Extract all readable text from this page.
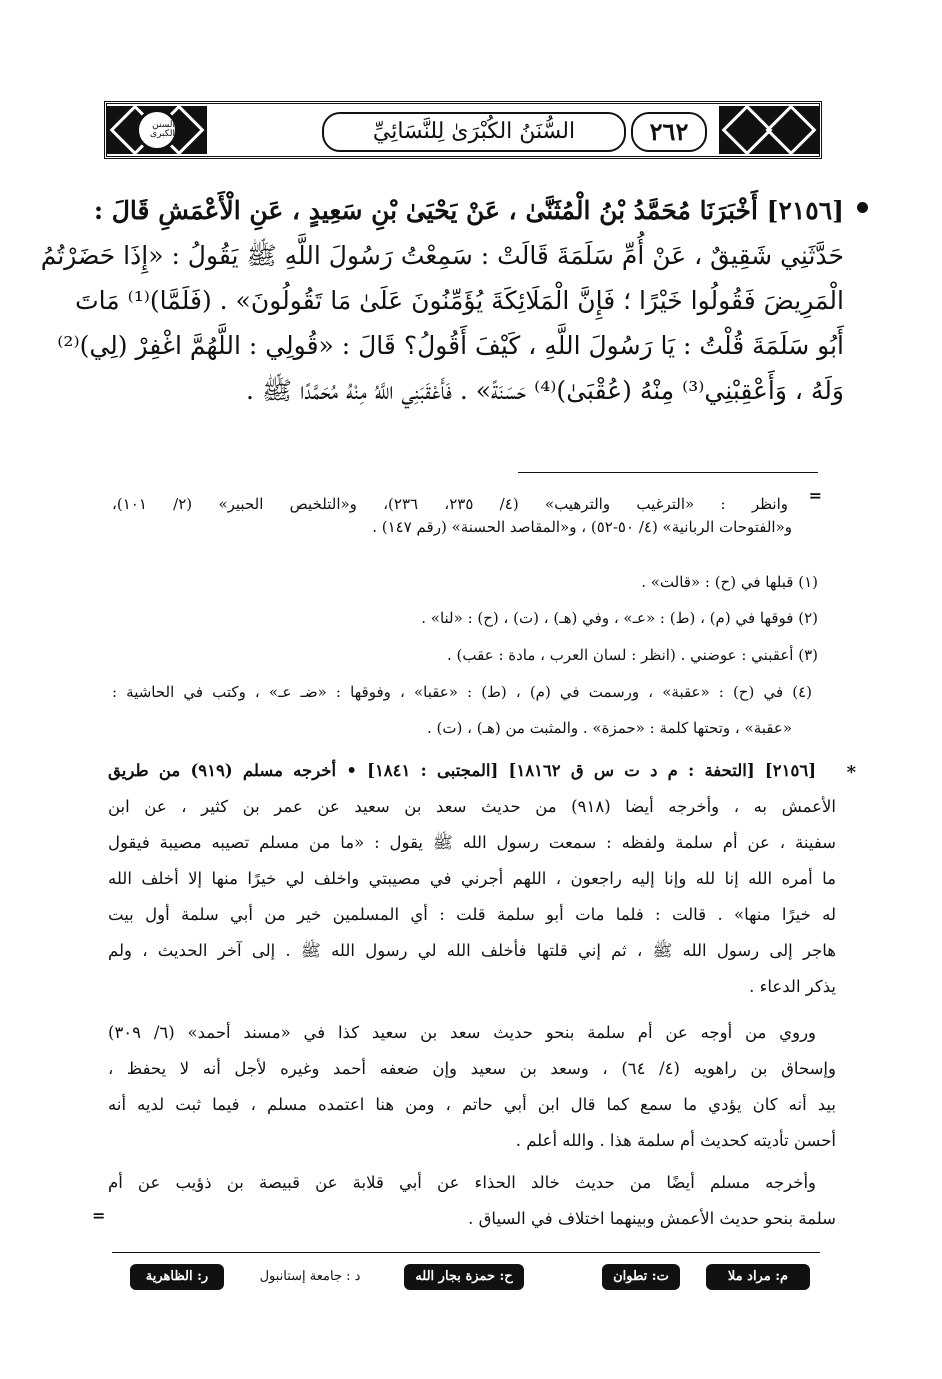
السنن الكبرى	السُّنَنُ الكُبْرَىٰ لِلنَّسَائِيِّ	٢٦٢
[٢١٥٦] أَخْبَرَنَا مُحَمَّدُ بْنُ الْمُثَنَّىٰ ، عَنْ يَحْيَىٰ بْنِ سَعِيدٍ ، عَنِ الْأَعْمَشِ قَالَ :
حَدَّثَنِي شَقِيقٌ ، عَنْ أُمِّ سَلَمَةَ قَالَتْ : سَمِعْتُ رَسُولَ اللَّهِ ﷺ يَقُولُ : «إِذَا حَضَرْتُمُ
الْمَرِيضَ فَقُولُوا خَيْرًا ؛ فَإِنَّ الْمَلَائِكَةَ يُؤَمِّنُونَ عَلَىٰ مَا تَقُولُونَ» . (فَلَمَّا)⁽¹⁾ مَاتَ
أَبُو سَلَمَةَ قُلْتُ : يَا رَسُولَ اللَّهِ ، كَيْفَ أَقُولُ؟ قَالَ : «قُولِي : اللَّهُمَّ اغْفِرْ (لِي)⁽²⁾
وَلَهُ ، وَأَعْقِبْنِي⁽³⁾ مِنْهُ (عُقْبَىٰ)⁽⁴⁾ حَسَنَةً» . فَأَعْقَبَنِي اللَّهُ مِنْهُ مُحَمَّدًا ﷺ .
=
وانظر : «الترغيب والترهيب» (٤/ ٢٣٥، ٢٣٦)، و«التلخيص الحبير» (٢/ ١٠١)،
و«الفتوحات الربانية» (٤/ ٥٠-٥٢) ، و«المقاصد الحسنة» (رقم ١٤٧) .
(١) قبلها في (ح) : «قالت» .
(٢) فوقها في (م) ، (ط) : «عـ» ، وفي (هـ) ، (ت) ، (ح) : «لنا» .
(٣) أعقبني : عوضني . (انظر : لسان العرب ، مادة : عقب) .
(٤) في (ح) : «عقبة» ، ورسمت في (م) ، (ط) : «عقبا» ، وفوقها : «ضـ عـ» ، وكتب في الحاشية :
«عقبة» ، وتحتها كلمة : «حمزة» . والمثبت من (هـ) ، (ت) .
*
[٢١٥٦] [التحفة : م د ت س ق ١٨١٦٢] [المجتبى : ١٨٤١] • أخرجه مسلم (٩١٩) من طريق
الأعمش به ، وأخرجه أيضا (٩١٨) من حديث سعد بن سعيد عن عمر بن كثير ، عن ابن
سفينة ، عن أم سلمة ولفظه : سمعت رسول الله ﷺ يقول : «ما من مسلم تصيبه مصيبة فيقول
ما أمره الله إنا لله وإنا إليه راجعون ، اللهم أجرني في مصيبتي واخلف لي خيرًا منها إلا أخلف الله
له خيرًا منها» . قالت : فلما مات أبو سلمة قلت : أي المسلمين خير من أبي سلمة أول بيت
هاجر إلى رسول الله ﷺ ، ثم إني قلتها فأخلف الله لي رسول الله ﷺ . إلى آخر الحديث ، ولم
يذكر الدعاء .
وروي من أوجه عن أم سلمة بنحو حديث سعد بن سعيد كذا في «مسند أحمد» (٦/ ٣٠٩)
وإسحاق بن راهويه (٤/ ٦٤) ، وسعد بن سعيد وإن ضعفه أحمد وغيره لأجل أنه لا يحفظ ،
بيد أنه كان يؤدي ما سمع كما قال ابن أبي حاتم ، ومن هنا اعتمده مسلم ، فيما ثبت لديه أنه
أحسن تأديته كحديث أم سلمة هذا . والله أعلم .
وأخرجه مسلم أيضًا من حديث خالد الحذاء عن أبي قلابة عن قبيصة بن ذؤيب عن أم
سلمة بنحو حديث الأعمش وبينهما اختلاف في السياق .
=
م: مراد ملا
ت: تطوان
ح: حمزة بجار الله
د : جامعة إستانبول
ر: الظاهرية
